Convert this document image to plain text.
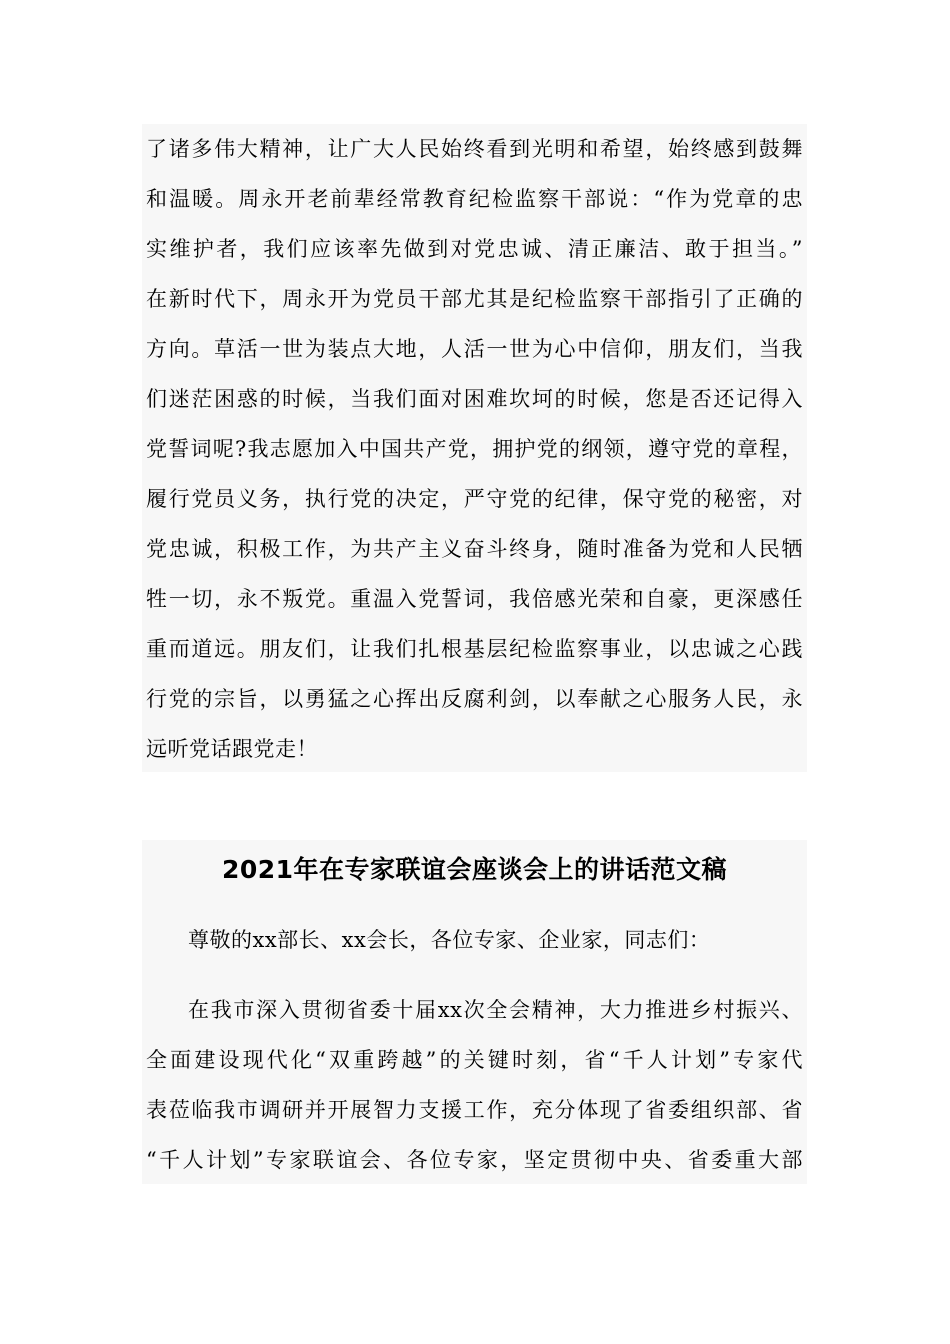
了诸多伟大精神，让广大人民始终看到光明和希望，始终感到鼓舞
和温暖。周永开老前辈经常教育纪检监察干部说：“作为党章的忠
实维护者，我们应该率先做到对党忠诚、清正廉洁、敢于担当。”
在新时代下，周永开为党员干部尤其是纪检监察干部指引了正确的
方向。草活一世为装点大地，人活一世为心中信仰，朋友们，当我
们迷茫困惑的时候，当我们面对困难坎坷的时候，您是否还记得入
党誓词呢?我志愿加入中国共产党，拥护党的纲领，遵守党的章程，
履行党员义务，执行党的决定，严守党的纪律，保守党的秘密，对
党忠诚，积极工作，为共产主义奋斗终身，随时准备为党和人民牺
牲一切，永不叛党。重温入党誓词，我倍感光荣和自豪，更深感任
重而道远。朋友们，让我们扎根基层纪检监察事业，以忠诚之心践
行党的宗旨，以勇猛之心挥出反腐利剑，以奉献之心服务人民，永
远听党话跟党走！
2021年在专家联谊会座谈会上的讲话范文稿
尊敬的xx部长、xx会长，各位专家、企业家，同志们：
在我市深入贯彻省委十届xx次全会精神，大力推进乡村振兴、
全面建设现代化“双重跨越”的关键时刻，省“千人计划”专家代
表莅临我市调研并开展智力支援工作，充分体现了省委组织部、省
“千人计划”专家联谊会、各位专家，坚定贯彻中央、省委重大部
